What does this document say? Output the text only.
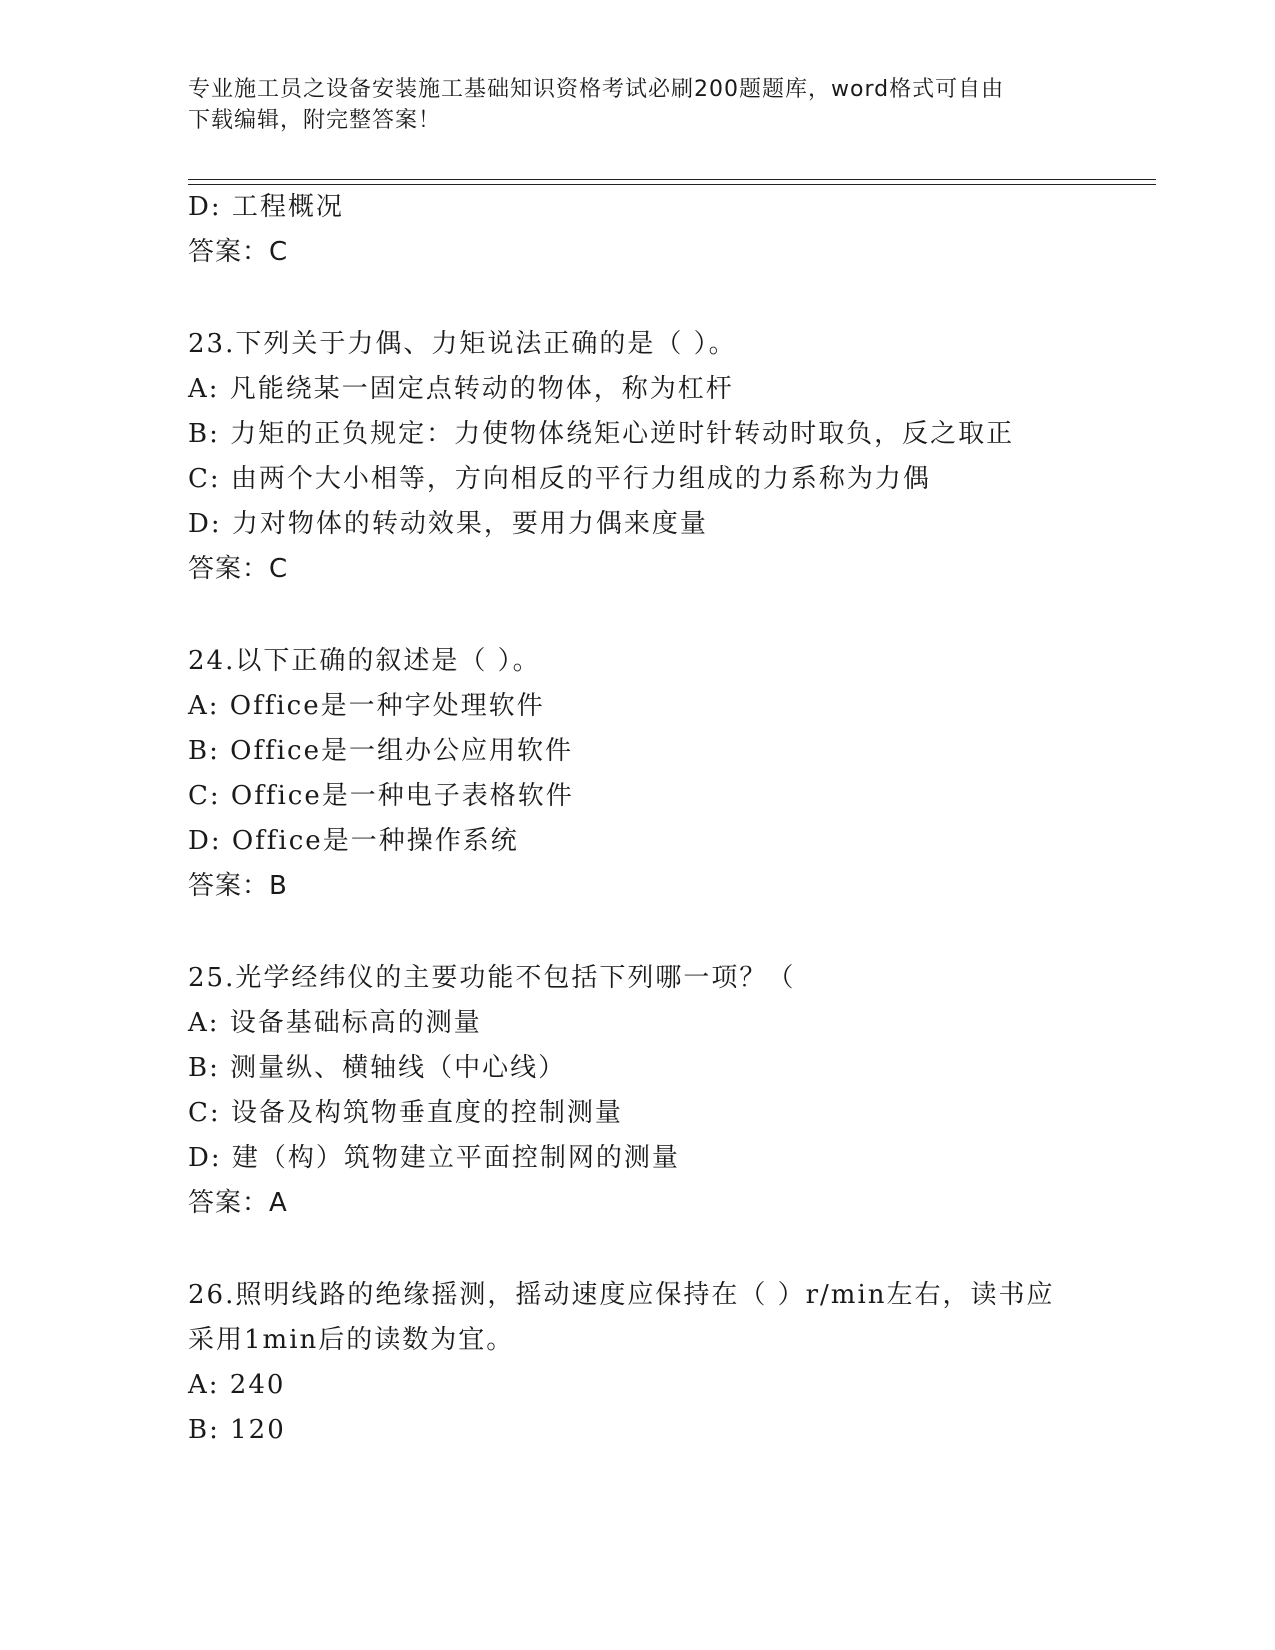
专业施工员之设备安装施工基础知识资格考试必刷200题题库，word格式可自由
下载编辑，附完整答案！
D: 工程概况
答案：C
23.下列关于力偶、力矩说法正确的是（ ）。
A: 凡能绕某一固定点转动的物体，称为杠杆
B: 力矩的正负规定：力使物体绕矩心逆时针转动时取负，反之取正
C: 由两个大小相等，方向相反的平行力组成的力系称为力偶
D: 力对物体的转动效果，要用力偶来度量
答案：C
24.以下正确的叙述是（ ）。
A: Office是一种字处理软件
B: Office是一组办公应用软件
C: Office是一种电子表格软件
D: Office是一种操作系统
答案：B
25.光学经纬仪的主要功能不包括下列哪一项？（
A: 设备基础标高的测量
B: 测量纵、横轴线（中心线）
C: 设备及构筑物垂直度的控制测量
D: 建（构）筑物建立平面控制网的测量
答案：A
26.照明线路的绝缘摇测，摇动速度应保持在（ ）r/min左右，读书应
采用1min后的读数为宜。
A: 240
B: 120
